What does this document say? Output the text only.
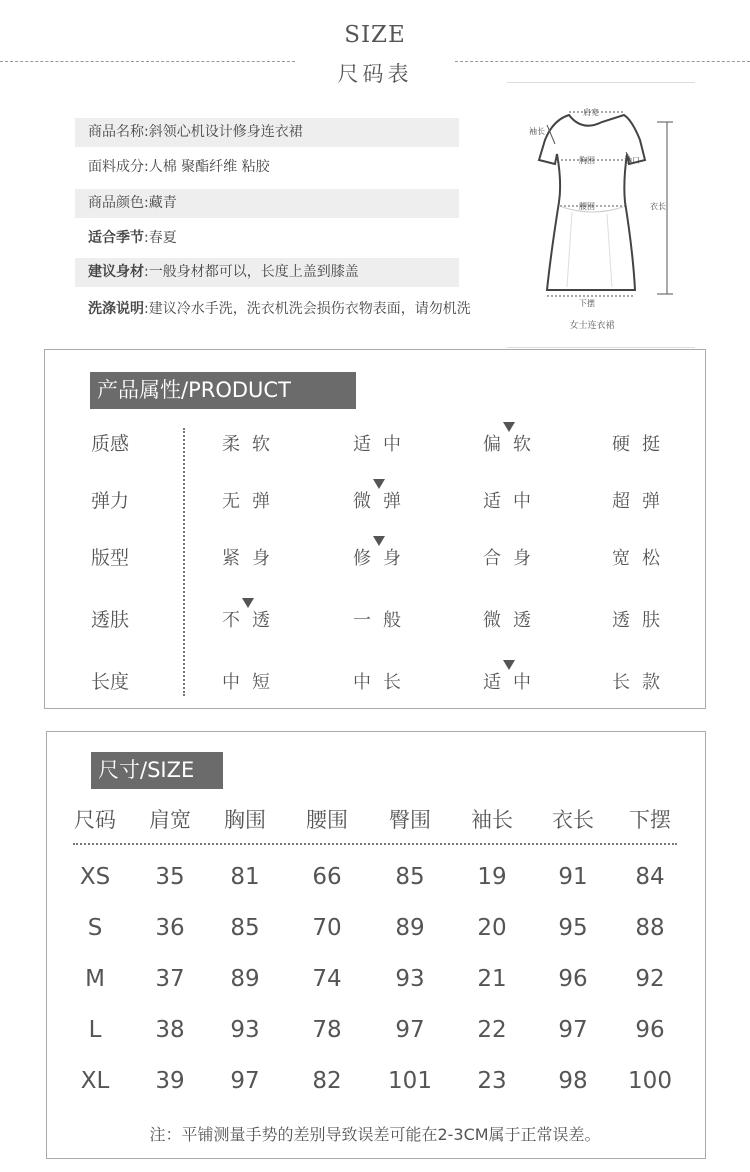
SIZE
尺码表
商品名称:斜领心机设计修身连衣裙
面料成分:人棉 聚酯纤维 粘胶
商品颜色:藏青
适合季节:春夏
建议身材:一般身材都可以，长度上盖到膝盖
洗涤说明:建议冷水手洗，洗衣机洗会损伤衣物表面，请勿机洗
肩宽
袖长
胸围	袖口
腰围	衣长
下摆
女士连衣裙
产品属性/PRODUCT
质感	柔软	适中	偏软	硬挺
弹力	无弹	微弹	适中	超弹
版型	紧身	修身	合身	宽松
透肤	不透	一般	微透	透肤
长度	中短	中长	适中	长款
尺寸/SIZE
尺码	肩宽	胸围	腰围	臀围	袖长	衣长	下摆
XS	35	81	66	85	19	91	84
S	36	85	70	89	20	95	88
M	37	89	74	93	21	96	92
L	38	93	78	97	22	97	96
XL	39	97	82	101	23	98	100
注：平铺测量手势的差别导致误差可能在2-3CM属于正常误差。
